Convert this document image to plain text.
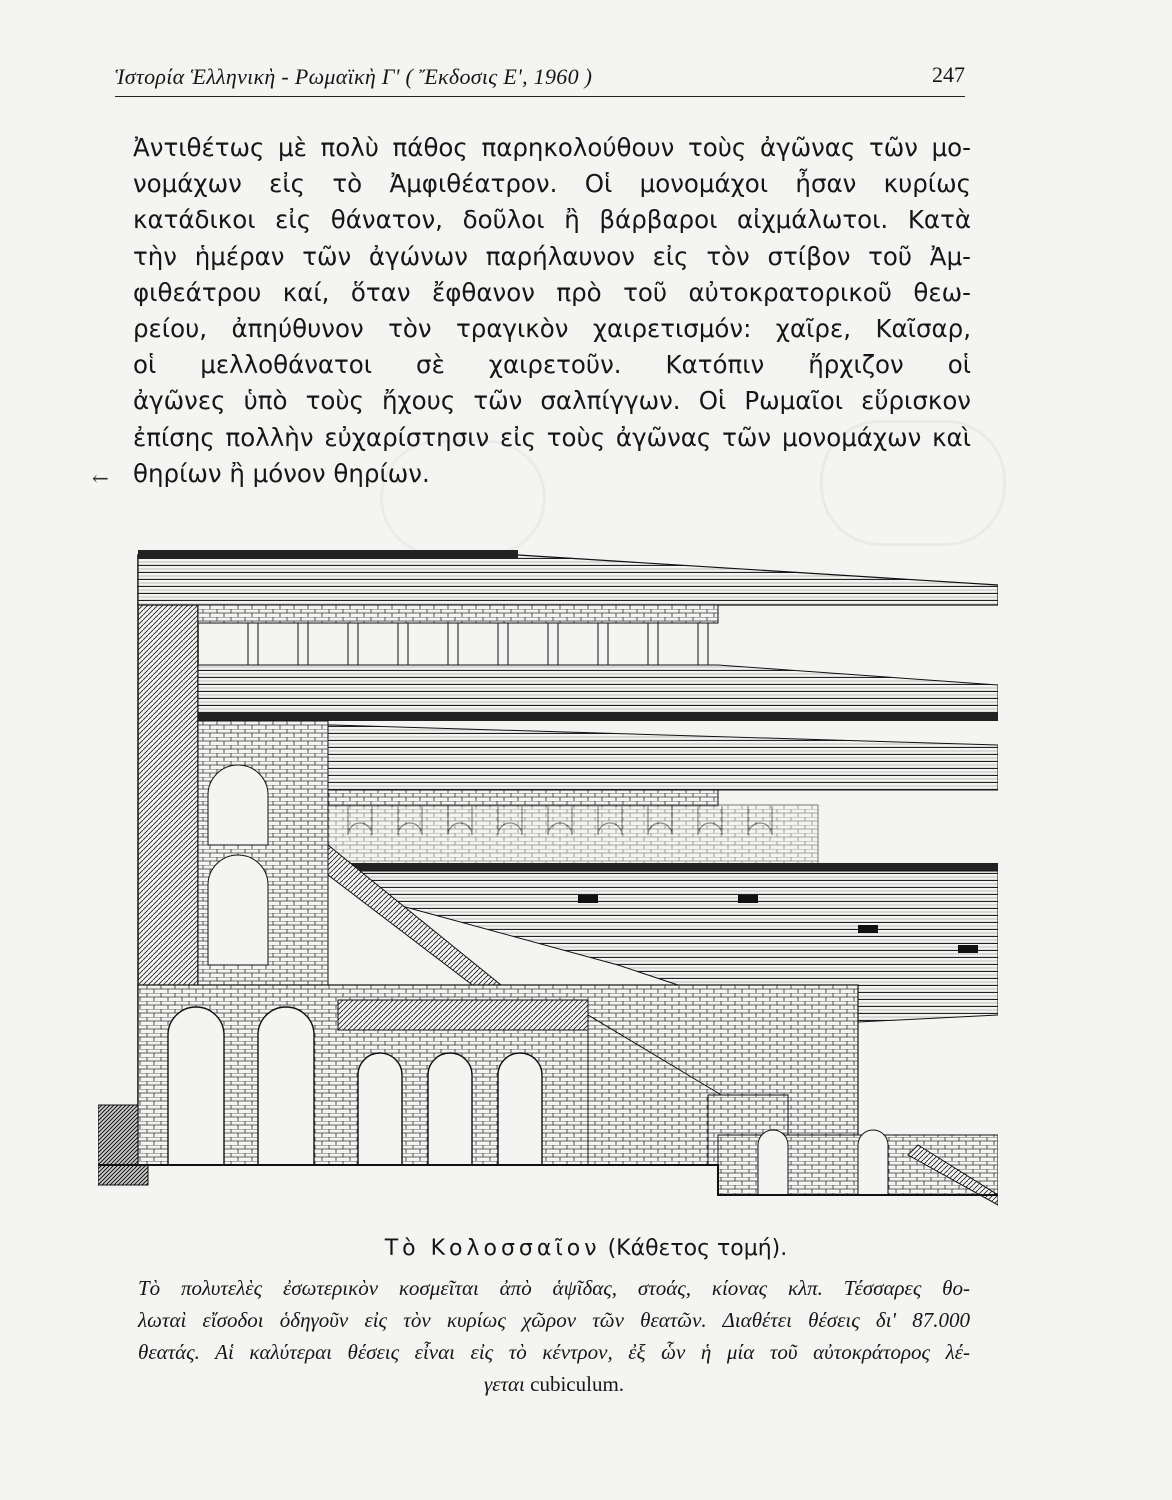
Ἱστορία Ἑλληνικὴ - Ρωμαϊκὴ Γ' ( Ἔκδοσις Ε', 1960 )	247
Ἀντιθέτως μὲ πολὺ πάθος παρηκολούθουν τοὺς ἀγῶνας τῶν μο-
νομάχων εἰς τὸ Ἀμφιθέατρον. Οἱ μονομάχοι ἦσαν κυρίως
κατάδικοι εἰς θάνατον, δοῦλοι ἢ βάρβαροι αἰχμάλωτοι. Κατὰ
τὴν ἡμέραν τῶν ἀγώνων παρήλαυνον εἰς τὸν στίβον τοῦ Ἀμ-
φιθεάτρου καί, ὅταν ἔφθανον πρὸ τοῦ αὐτοκρατορικοῦ θεω-
ρείου, ἀπηύθυνον τὸν τραγικὸν χαιρετισμόν: χαῖρε, Καῖσαρ,
οἱ μελλοθάνατοι σὲ χαιρετοῦν. Κατόπιν ἤρχιζον οἱ
ἀγῶνες ὑπὸ τοὺς ἤχους τῶν σαλπίγγων. Οἱ Ρωμαῖοι εὕρισκον
ἐπίσης πολλὴν εὐχαρίστησιν εἰς τοὺς ἀγῶνας τῶν μονομάχων καὶ
θηρίων ἢ μόνον θηρίων.
←
Τὸ Κολοσσαῖον (Κάθετος τομή).
Τὸ πολυτελὲς ἐσωτερικὸν κοσμεῖται ἀπὸ ἁψῖδας, στοάς, κίονας κλπ. Τέσσαρες θο-
λωταὶ εἴσοδοι ὁδηγοῦν εἰς τὸν κυρίως χῶρον τῶν θεατῶν. Διαθέτει θέσεις δι' 87.000
θεατάς. Αἱ καλύτεραι θέσεις εἶναι εἰς τὸ κέντρον, ἐξ ὧν ἡ μία τοῦ αὐτοκράτορος λέ-
γεται cubiculum.
